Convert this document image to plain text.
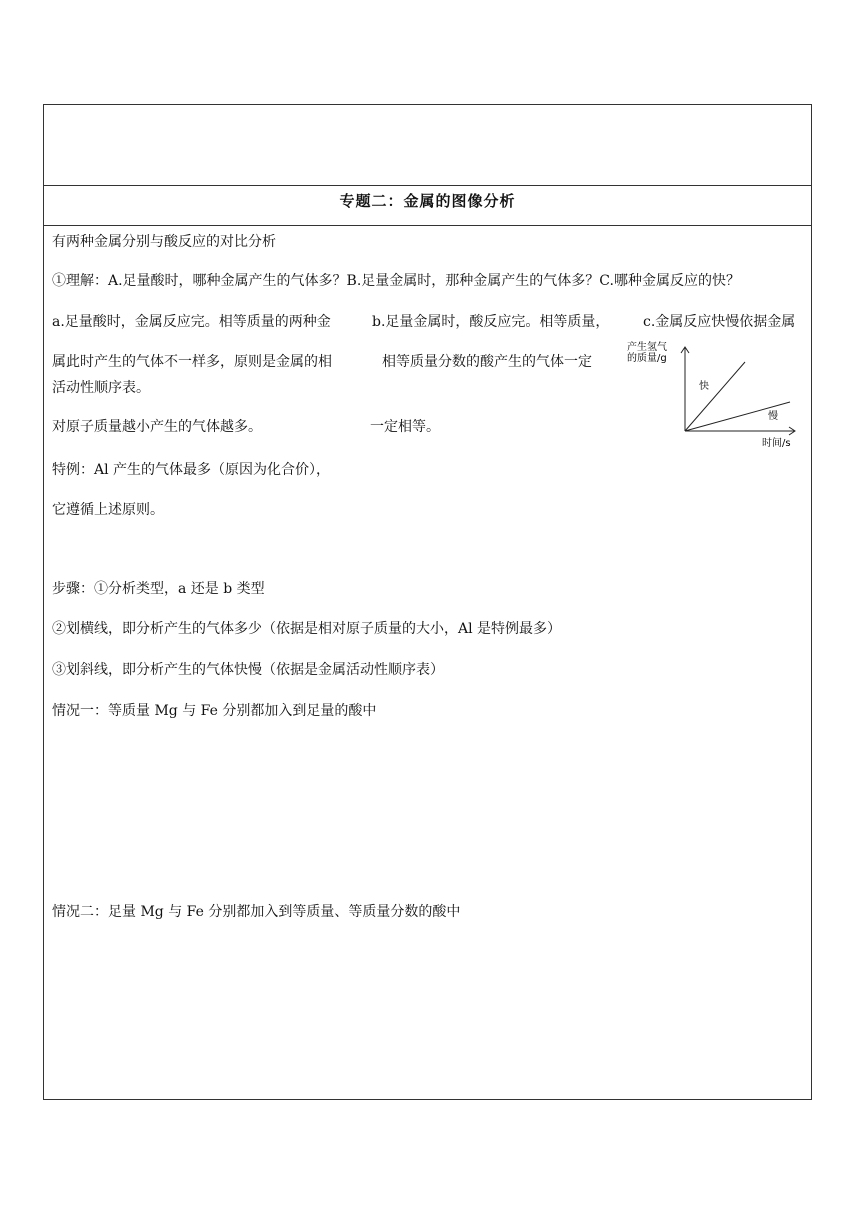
专题二：金属的图像分析
有两种金属分别与酸反应的对比分析
①理解：A.足量酸时，哪种金属产生的气体多？B.足量金属时，那种金属产生的气体多？C.哪种金属反应的快？
a.足量酸时，金属反应完。相等质量的两种金
属此时产生的气体不一样多，原则是金属的相
对原子质量越小产生的气体越多。
特例：Al 产生的气体最多（原因为化合价），
它遵循上述原则。
b.足量金属时，酸反应完。相等质量，
相等质量分数的酸产生的气体一定
一定相等。
c.金属反应快慢依据金属
活动性顺序表。
产生氢气
的质量/g
快
慢
时间/s
步骤：①分析类型，a 还是 b 类型
②划横线，即分析产生的气体多少（依据是相对原子质量的大小，Al 是特例最多）
③划斜线，即分析产生的气体快慢（依据是金属活动性顺序表）
情况一：等质量 Mg 与 Fe 分别都加入到足量的酸中
情况二：足量 Mg 与 Fe 分别都加入到等质量、等质量分数的酸中
